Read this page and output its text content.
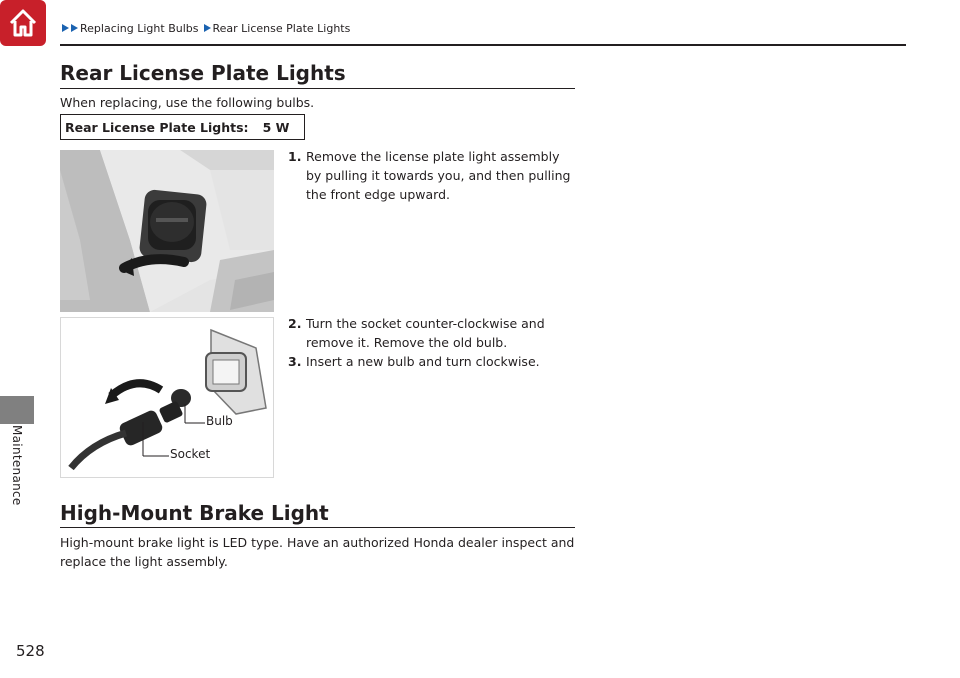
Replacing Light Bulbs Rear License Plate Lights
Maintenance
Rear License Plate Lights
When replacing, use the following bulbs.
Rear License Plate Lights: 5 W
Bulb
Socket
1. Remove the license plate light assembly by pulling it towards you, and then pulling the front edge upward.
2. Turn the socket counter-clockwise and remove it. Remove the old bulb.
3. Insert a new bulb and turn clockwise.
High-Mount Brake Light
High-mount brake light is LED type. Have an authorized Honda dealer inspect and replace the light assembly.
528
